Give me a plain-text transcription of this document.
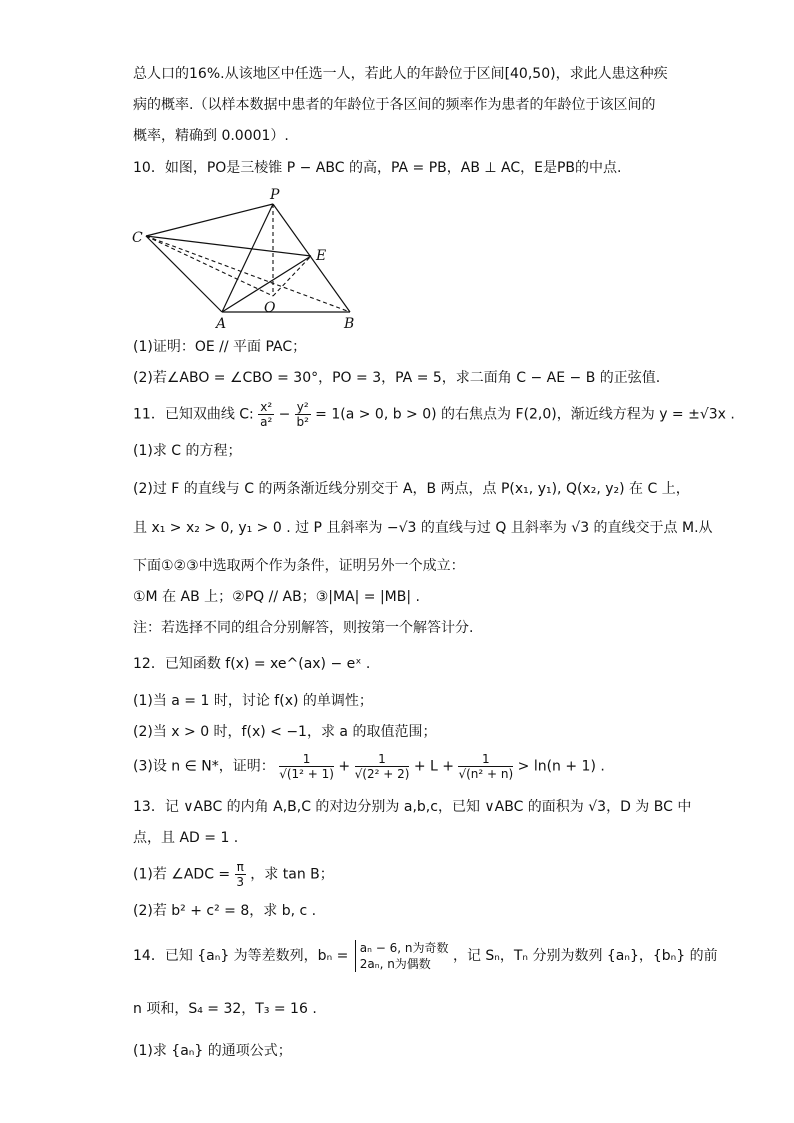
总人口的16%.从该地区中任选一人，若此人的年龄位于区间[40,50)，求此人患这种疾
病的概率.（以样本数据中患者的年龄位于各区间的频率作为患者的年龄位于该区间的
概率，精确到 0.0001）.
10．如图，PO是三棱锥 P − ABC 的高，PA = PB，AB ⊥ AC，E是PB的中点.
P
C
E
O
A	B
(1)证明：OE // 平面 PAC；
(2)若∠ABO = ∠CBO = 30°，PO = 3，PA = 5，求二面角 C − AE − B 的正弦值.
11．已知双曲线 C: $\frac{\text{x²}}{\text{a²}} - \frac{\text{y²}}{\text{b²}} = 1(a > 0$, b > 0) 的右焦点为 F(2,0)，渐近线方程为 y = ±√3x .
(1)求 C 的方程；
(2)过 F 的直线与 C 的两条渐近线分别交于 A，B 两点，点 P(x₁, y₁), Q(x₂, y₂) 在 C 上，
且 x₁ > x₂ > 0, y₁ > 0 . 过 P 且斜率为 −√3 的直线与过 Q 且斜率为 √3 的直线交于点 M.从
下面①②③中选取两个作为条件，证明另外一个成立：
①M 在 AB 上；②PQ // AB；③|MA| = |MB| .
注：若选择不同的组合分别解答，则按第一个解答计分.
12．已知函数 f(x) = xe^(ax) − eˣ .
(1)当 a = 1 时，讨论 f(x) 的单调性；
(2)当 x > 0 时，f(x) < −1，求 a 的取值范围；
(3)设 n ∈ N*，证明： $\frac{1}{\text{√(1² + 1)}} + \frac{1}{\text{√(2² + 2)}} + L + \frac{1}{\text{√(n² + n)}} > \ln(n + 1)$ .
13．记 ∨ABC 的内角 A,B,C 的对边分别为 a,b,c，已知 ∨ABC 的面积为 √3，D 为 BC 中
点，且 AD = 1 .
(1)若 ∠ADC = $\frac{\pi}{3}$ ，求 tan B；
(2)若 b² + c² = 8，求 b, c .
14．已知 {aₙ} 为等差数列，bₙ = aₙ − 6, n为奇数
2aₙ, n为偶数	，记 Sₙ，Tₙ 分别为数列 {aₙ}，{bₙ} 的前
n 项和，S₄ = 32，T₃ = 16 .
(1)求 {aₙ} 的通项公式；
